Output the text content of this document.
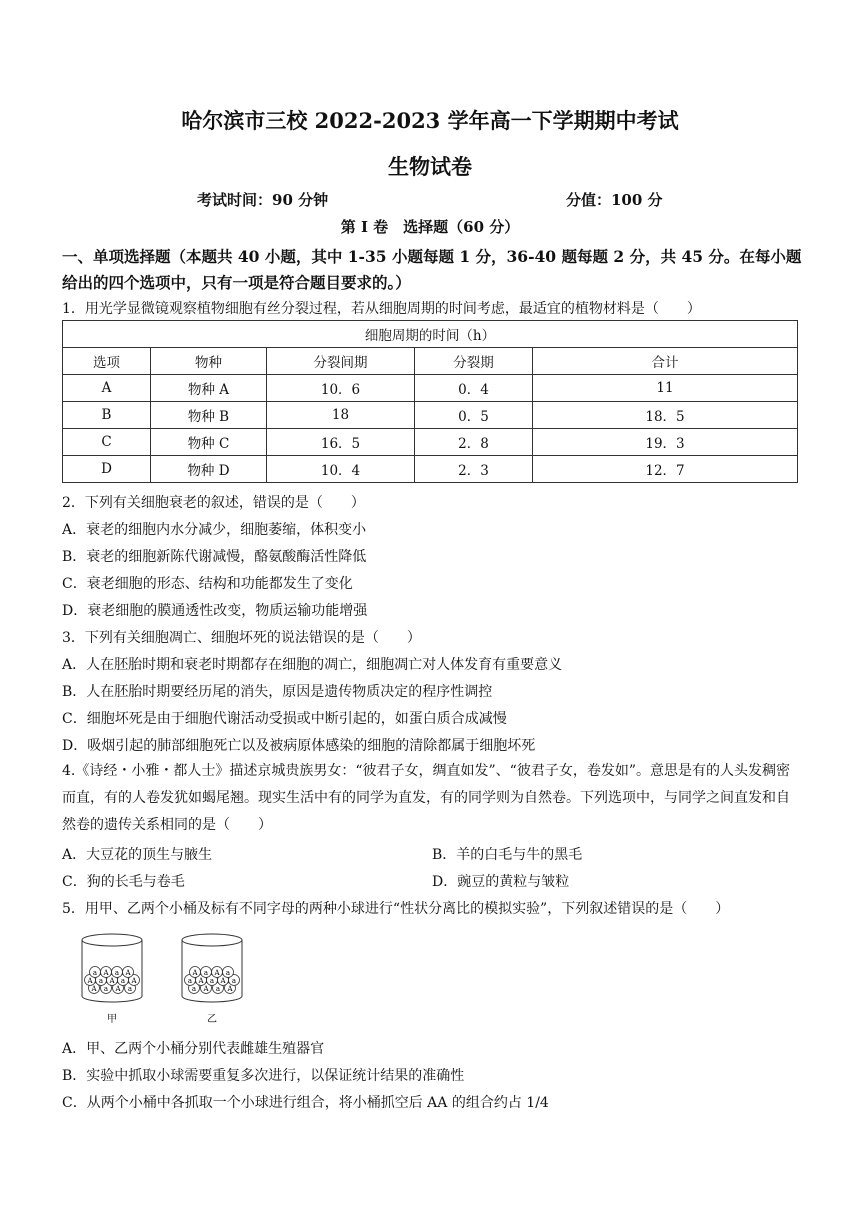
哈尔滨市三校 2022-2023 学年高一下学期期中考试
生物试卷
考试时间：90 分钟	分值：100 分
第 I 卷　选择题（60 分）
一、单项选择题（本题共 40 小题，其中 1-35 小题每题 1 分，36-40 题每题 2 分，共 45 分。在每小题给出的四个选项中，只有一项是符合题目要求的。）
1．用光学显微镜观察植物细胞有丝分裂过程，若从细胞周期的时间考虑，最适宜的植物材料是（　　）
细胞周期的时间（h）				
选项	物种	分裂间期	分裂期	合计
A	物种 A	10．6	0．4	11
B	物种 B	18	0．5	18．5
C	物种 C	16．5	2．8	19．3
D	物种 D	10．4	2．3	12．7
2．下列有关细胞衰老的叙述，错误的是（　　）
A．衰老的细胞内水分减少，细胞萎缩，体积变小
B．衰老的细胞新陈代谢减慢，酪氨酸酶活性降低
C．衰老细胞的形态、结构和功能都发生了变化
D．衰老细胞的膜通透性改变，物质运输功能增强
3．下列有关细胞凋亡、细胞坏死的说法错误的是（　　）
A．人在胚胎时期和衰老时期都存在细胞的凋亡，细胞凋亡对人体发育有重要意义
B．人在胚胎时期要经历尾的消失，原因是遗传物质决定的程序性调控
C．细胞坏死是由于细胞代谢活动受损或中断引起的，如蛋白质合成减慢
D．吸烟引起的肺部细胞死亡以及被病原体感染的细胞的清除都属于细胞坏死
4.《诗经・小雅・都人士》描述京城贵族男女：“彼君子女，绸直如发”、“彼君子女，卷发如”。意思是有的人头发稠密而直，有的人卷发犹如蝎尾翘。现实生活中有的同学为直发，有的同学则为自然卷。下列选项中，与同学之间直发和自然卷的遗传关系相同的是（　　）
A．大豆花的顶生与腋生	B．羊的白毛与牛的黑毛
C．狗的长毛与卷毛	D．豌豆的黄粒与皱粒
5．用甲、乙两个小桶及标有不同字母的两种小球进行“性状分离比的模拟实验”，下列叙述错误的是（　　）
A a A a
A a A a A
a A a A
a A a A
a A a A a
A a A a
甲	乙
A．甲、乙两个小桶分别代表雌雄生殖器官
B．实验中抓取小球需要重复多次进行，以保证统计结果的准确性
C．从两个小桶中各抓取一个小球进行组合，将小桶抓空后 AA 的组合约占 1/4
